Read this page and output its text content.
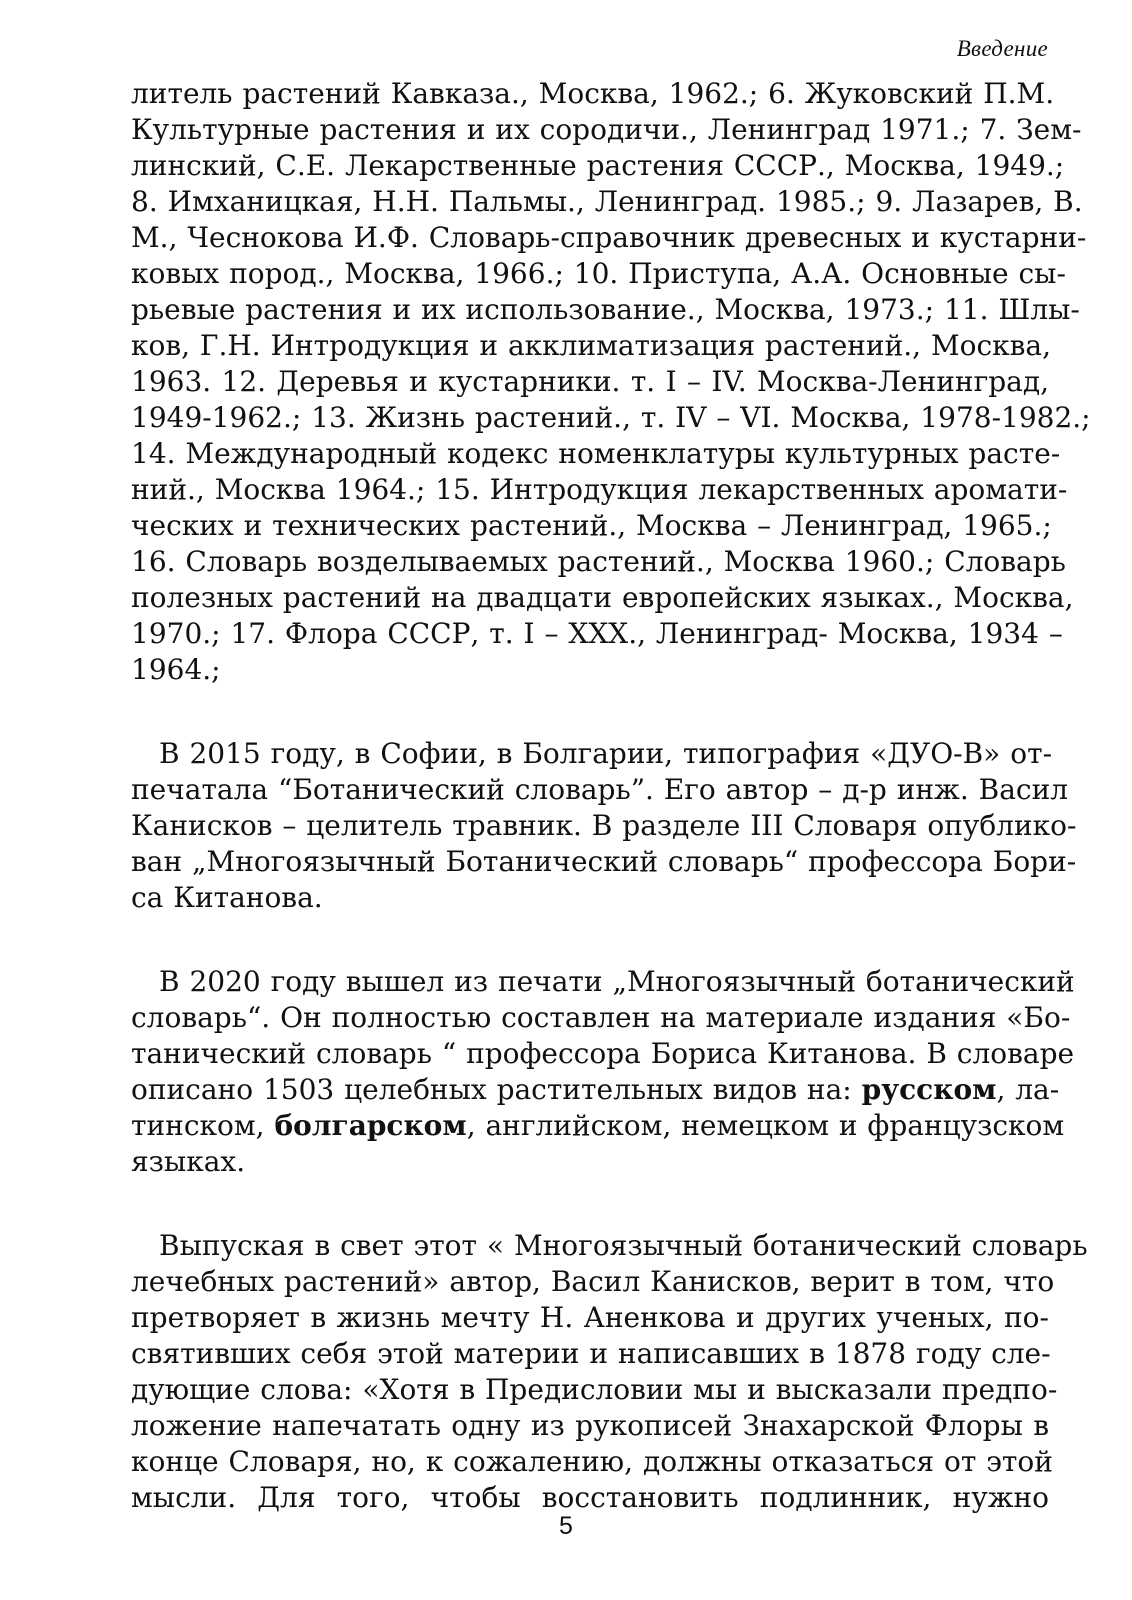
Введение
литель растений Кавказа., Москва, 1962.; 6. Жуковский П.М.
Культурные растения и их сородичи., Ленинград 1971.; 7. Зем-
линский, С.Е. Лекарственные растения СССР., Москва, 1949.;
8. Имханицкая, Н.Н. Пальмы., Ленинград. 1985.; 9. Лазарев, В.
М., Чеснокова И.Ф. Словарь-справочник древесных и кустарни-
ковых пород., Москва, 1966.; 10. Приступа, А.А. Основные сы-
рьевые растения и их использование., Москва, 1973.; 11. Шлы-
ков, Г.Н. Интродукция и акклиматизация растений., Москва,
1963. 12. Деревья и кустарники. т. I – IV. Москва-Ленинград,
1949-1962.; 13. Жизнь растений., т. IV – VI. Москва, 1978-1982.;
14. Международный кодекс номенклатуры культурных расте-
ний., Москва 1964.; 15. Интродукция лекарственных аромати-
ческих и технических растений., Москва – Ленинград, 1965.;
16. Словарь возделываемых растений., Москва 1960.; Словарь
полезных растений на двадцати европейских языках., Москва,
1970.; 17. Флора СССР, т. I – XXX., Ленинград- Москва, 1934 –
1964.;
В 2015 году, в Софии, в Болгарии, типография «ДУО-В» от-
печатала “Ботанический словарь”. Его автор – д-р инж. Васил
Канисков – целитель травник. В разделе III Словаря опублико-
ван „Многоязычный Ботанический словарь“ профессора Бори-
са Китанова.
В 2020 году вышел из печати „Многоязычный ботанический
словарь“. Он полностью составлен на материале издания «Бо-
танический словарь “ профессора Бориса Китанова. В словаре
описано 1503 целебных растительных видов на: русском, ла-
тинском, болгарском, английском, немецком и французском
языках.
Выпуская в свет этот « Многоязычный ботанический словарь
лечебных растений» автор, Васил Канисков, верит в том, что
претворяет в жизнь мечту Н. Аненкова и других ученых, по-
святивших себя этой материи и написавших в 1878 году сле-
дующие слова: «Хотя в Предисловии мы и высказали предпо-
ложение напечатать одну из рукописей Знахарской Флоры в
конце Словаря, но, к сожалению, должны отказаться от этой
мысли. Для того, чтобы восстановить подлинник, нужно
5
